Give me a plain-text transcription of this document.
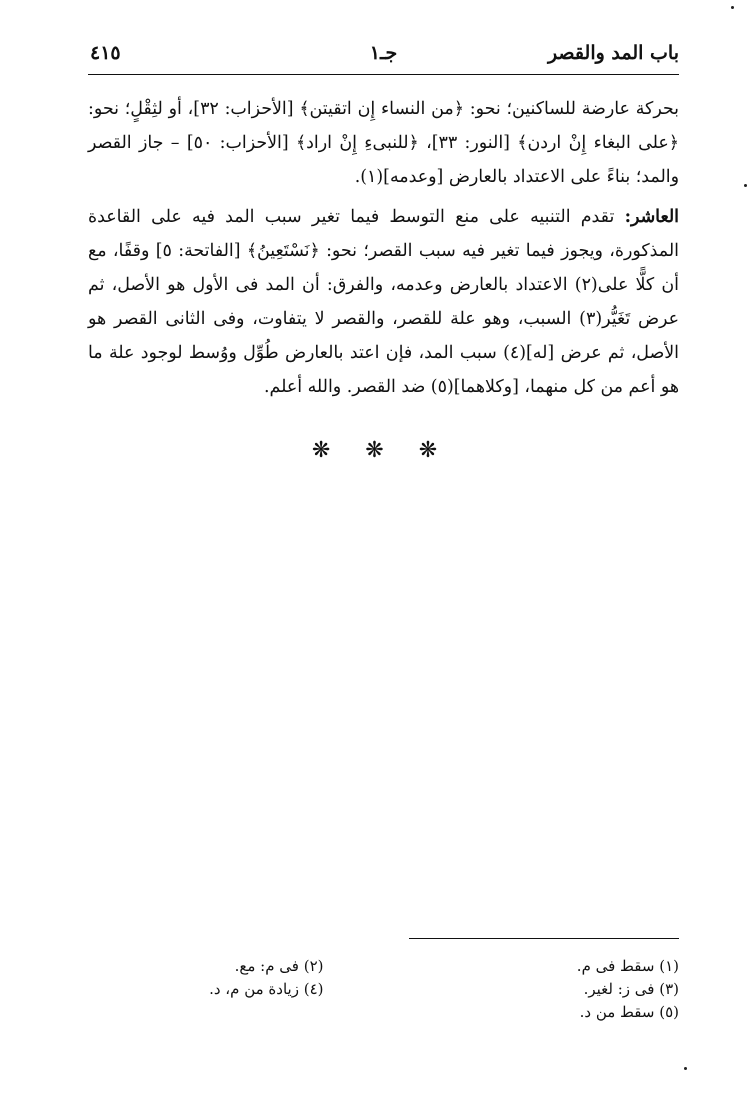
باب المد والقصر
جـ١
٤١٥

بحركة عارضة للساكنين؛ نحو: ﴿من النساء إِن اتقيتن﴾ [الأحزاب: ٣٢]، أو لثِقْلٍ؛ نحو: ﴿على البغاء إِنْ اردن﴾ [النور: ٣٣]، ﴿للنبىءِ إِنْ اراد﴾ [الأحزاب: ٥٠] – جاز القصر والمد؛ بناءً على الاعتداد بالعارض [وعدمه](١).

العاشر: تقدم التنبيه على منع التوسط فيما تغير سبب المد فيه على القاعدة المذكورة، ويجوز فيما تغير فيه سبب القصر؛ نحو: ﴿نَسْتَعِينُ﴾ [الفاتحة: ٥] وقفًا، مع أن كلًّا على(٢) الاعتداد بالعارض وعدمه، والفرق: أن المد فى الأول هو الأصل، ثم عرض تَغَيُّر(٣) السبب، وهو علة للقصر، والقصر لا يتفاوت، وفى الثانى القصر هو الأصل، ثم عرض [له](٤) سبب المد، فإن اعتد بالعارض طُوِّل ووُسط لوجود علة ما هو أعم من كل منهما، [وكلاهما](٥) ضد القصر. والله أعلم.

❋ ❋ ❋
(١) سقط فى م.
(٢) فى م: مع.
(٣) فى ز: لغير.
(٤) زيادة من م، د.
(٥) سقط من د.
